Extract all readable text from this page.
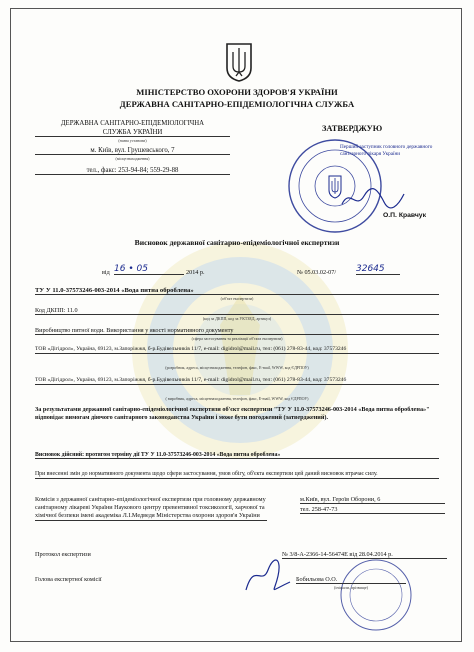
МІНІСТЕРСТВО ОХОРОНИ ЗДОРОВ'Я УКРАЇНИ
ДЕРЖАВНА САНІТАРНО-ЕПІДЕМІОЛОГІЧНА СЛУЖБА
ДЕРЖАВНА САНІТАРНО-ЕПІДЕМІОЛОГІЧНА
СЛУЖБА УКРАЇНИ
(назва установи)
м. Київ, вул. Грушевського, 7
(місцезнаходження)
тел., факс: 253-94-84; 559-29-88
ЗАТВЕРДЖУЮ
Перший заступник головного державного санітарного лікаря України
О.П. Кравчук
Висновок державної санітарно-епідеміологічної експертизи
від 16 • 05	2014 р.	№ 05.03.02-07/ 32645
ТУ У 11.0-37573246-003-2014 «Вода питна оброблена»
(об'єкт експертизи)
Код ДКПП: 11.0
(код за ДКПП, код за УКТЗЕД, артикул)
Виробництво питної води. Використання у якості нормативного документу
(сфера застосування та реалізації об'єкта експертизи)
ТОВ «Дігідрол», Україна, 69123, м.Запоріжжя, б-р.Будівельників 11/7, e-mail: digidrol@mail.ru, тел: (061) 278-83-44, код: 37573246
(розробник, адреса, місцезнаходження, телефон, факс, E-mail, WWW, код ЄДРПОУ)
ТОВ «Дігідрол», Україна, 69123, м.Запоріжжя, б-р.Будівельників 11/7, e-mail: digidrol@mail.ru, тел: (061) 278-83-44, код: 37573246
( виробник, адреса, місцезнаходження, телефон, факс, E-mail, WWW, код ЄДРПОУ)
За результатами державної санітарно-епідеміологічної експертизи об'єкт експертизи "ТУ У 11.0-37573246-003-2014 «Вода питна оброблена»" відповідає вимогам діючого санітарного законодавства України і може бути погоджений (затверджений).
Висновок дійсний: протягом терміну дії ТУ У 11.0-37573246-003-2014 «Вода питна оброблена»
При внесенні змін до нормативного документа щодо сфери застосування, умов обігу, об'єкта експертизи цей даний висновок втрачає силу.
Комісія з державної санітарно-епідеміологічної експертизи при головному державному санітарному лікареві України Наукового центру превентивної токсикології, харчової та хімічної безпеки імені академіка Л.І.Медведя Міністерства охорони здоров'я України
м.Київ, вул. Героїв Оборони, 6
тел. 258-47-73
Протокол експертизи	№ 3/8-А-2366-14-56474Е від 28.04.2014 р.
Голова експертної комісії	Бобильова О.О.
(ініціали, прізвище)
